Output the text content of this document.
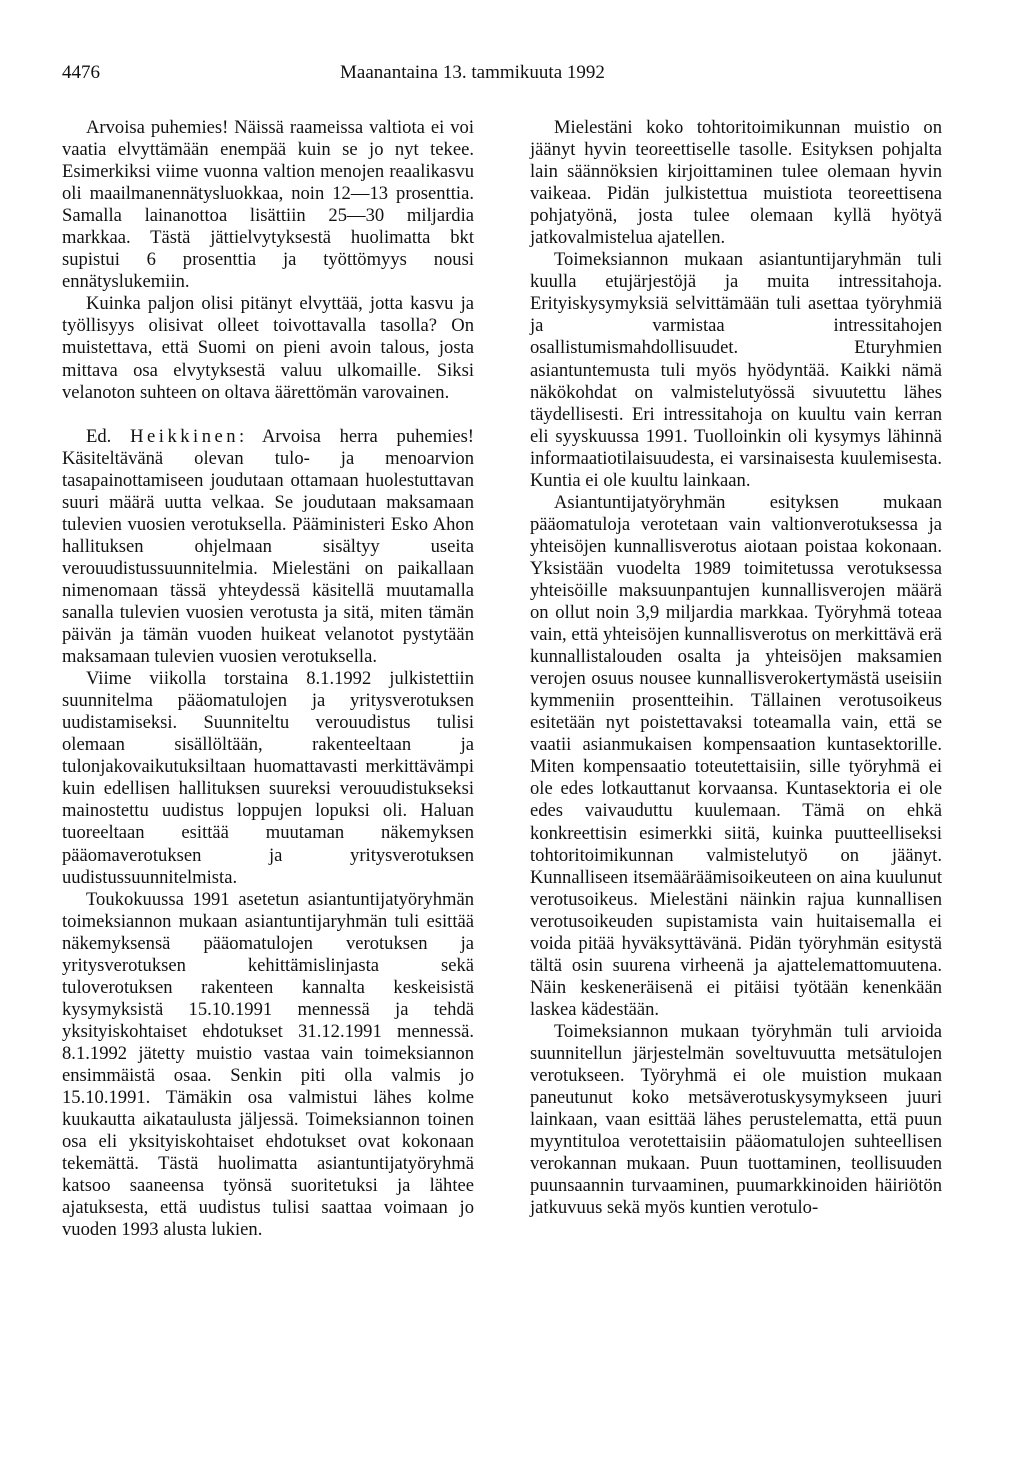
4476	Maanantaina 13. tammikuuta 1992

Arvoisa puhemies! Näissä raameissa valtiota ei voi vaatia elvyttämään enempää kuin se jo nyt tekee. Esimerkiksi viime vuonna valtion menojen reaalikasvu oli maailmanennätysluokkaa, noin 12—13 prosenttia. Samalla lainanottoa lisättiin 25—30 miljardia markkaa. Tästä jättielvytyksestä huolimatta bkt supistui 6 prosenttia ja työttömyys nousi ennätyslukemiin.

Kuinka paljon olisi pitänyt elvyttää, jotta kasvu ja työllisyys olisivat olleet toivottavalla tasolla? On muistettava, että Suomi on pieni avoin talous, josta mittava osa elvytyksestä valuu ulkomaille. Siksi velanoton suhteen on oltava äärettömän varovainen.

Ed. Heikkinen: Arvoisa herra puhemies! Käsiteltävänä olevan tulo- ja menoarvion tasapainottamiseen joudutaan ottamaan huolestuttavan suuri määrä uutta velkaa. Se joudutaan maksamaan tulevien vuosien verotuksella. Pääministeri Esko Ahon hallituksen ohjelmaan sisältyy useita verouudistussuunnitelmia. Mielestäni on paikallaan nimenomaan tässä yhteydessä käsitellä muutamalla sanalla tulevien vuosien verotusta ja sitä, miten tämän päivän ja tämän vuoden huikeat velanotot pystytään maksamaan tulevien vuosien verotuksella.

Viime viikolla torstaina 8.1.1992 julkistettiin suunnitelma pääomatulojen ja yritysverotuksen uudistamiseksi. Suunniteltu verouudistus tulisi olemaan sisällöltään, rakenteeltaan ja tulonjakovaikutuksiltaan huomattavasti merkittävämpi kuin edellisen hallituksen suureksi verouudistukseksi mainostettu uudistus loppujen lopuksi oli. Haluan tuoreeltaan esittää muutaman näkemyksen pääomaverotuksen ja yritysverotuksen uudistussuunnitelmista.

Toukokuussa 1991 asetetun asiantuntijatyöryhmän toimeksiannon mukaan asiantuntijaryhmän tuli esittää näkemyksensä pääomatulojen verotuksen ja yritysverotuksen kehittämislinjasta sekä tuloverotuksen rakenteen kannalta keskeisistä kysymyksistä 15.10.1991 mennessä ja tehdä yksityiskohtaiset ehdotukset 31.12.1991 mennessä. 8.1.1992 jätetty muistio vastaa vain toimeksiannon ensimmäistä osaa. Senkin piti olla valmis jo 15.10.1991. Tämäkin osa valmistui lähes kolme kuukautta aikataulusta jäljessä. Toimeksiannon toinen osa eli yksityiskohtaiset ehdotukset ovat kokonaan tekemättä. Tästä huolimatta asiantuntijatyöryhmä katsoo saaneensa työnsä suoritetuksi ja lähtee ajatuksesta, että uudistus tulisi saattaa voimaan jo vuoden 1993 alusta lukien.

Mielestäni koko tohtoritoimikunnan muistio on jäänyt hyvin teoreettiselle tasolle. Esityksen pohjalta lain säännöksien kirjoittaminen tulee olemaan hyvin vaikeaa. Pidän julkistettua muistiota teoreettisena pohjatyönä, josta tulee olemaan kyllä hyötyä jatkovalmistelua ajatellen.

Toimeksiannon mukaan asiantuntijaryhmän tuli kuulla etujärjestöjä ja muita intressitahoja. Erityiskysymyksiä selvittämään tuli asettaa työryhmiä ja varmistaa intressitahojen osallistumismahdollisuudet. Eturyhmien asiantuntemusta tuli myös hyödyntää. Kaikki nämä näkökohdat on valmistelutyössä sivuutettu lähes täydellisesti. Eri intressitahoja on kuultu vain kerran eli syyskuussa 1991. Tuolloinkin oli kysymys lähinnä informaatiotilaisuudesta, ei varsinaisesta kuulemisesta. Kuntia ei ole kuultu lainkaan.

Asiantuntijatyöryhmän esityksen mukaan pääomatuloja verotetaan vain valtionverotuksessa ja yhteisöjen kunnallisverotus aiotaan poistaa kokonaan. Yksistään vuodelta 1989 toimitetussa verotuksessa yhteisöille maksuunpantujen kunnallisverojen määrä on ollut noin 3,9 miljardia markkaa. Työryhmä toteaa vain, että yhteisöjen kunnallisverotus on merkittävä erä kunnallistalouden osalta ja yhteisöjen maksamien verojen osuus nousee kunnallisverokertymästä useisiin kymmeniin prosentteihin. Tällainen verotusoikeus esitetään nyt poistettavaksi toteamalla vain, että se vaatii asianmukaisen kompensaation kuntasektorille. Miten kompensaatio toteutettaisiin, sille työryhmä ei ole edes lotkauttanut korvaansa. Kuntasektoria ei ole edes vaivauduttu kuulemaan. Tämä on ehkä konkreettisin esimerkki siitä, kuinka puutteelliseksi tohtoritoimikunnan valmistelutyö on jäänyt. Kunnalliseen itsemääräämisoikeuteen on aina kuulunut verotusoikeus. Mielestäni näinkin rajua kunnallisen verotusoikeuden supistamista vain huitaisemalla ei voida pitää hyväksyttävänä. Pidän työryhmän esitystä tältä osin suurena virheenä ja ajattelemattomuutena. Näin keskeneräisenä ei pitäisi työtään kenenkään laskea kädestään.

Toimeksiannon mukaan työryhmän tuli arvioida suunnitellun järjestelmän soveltuvuutta metsätulojen verotukseen. Työryhmä ei ole muistion mukaan paneutunut koko metsäverotuskysymykseen juuri lainkaan, vaan esittää lähes perustelematta, että puun myyntituloa verotettaisiin pääomatulojen suhteellisen verokannan mukaan. Puun tuottaminen, teollisuuden puunsaannin turvaaminen, puumarkkinoiden häiriötön jatkuvuus sekä myös kuntien verotulo-
